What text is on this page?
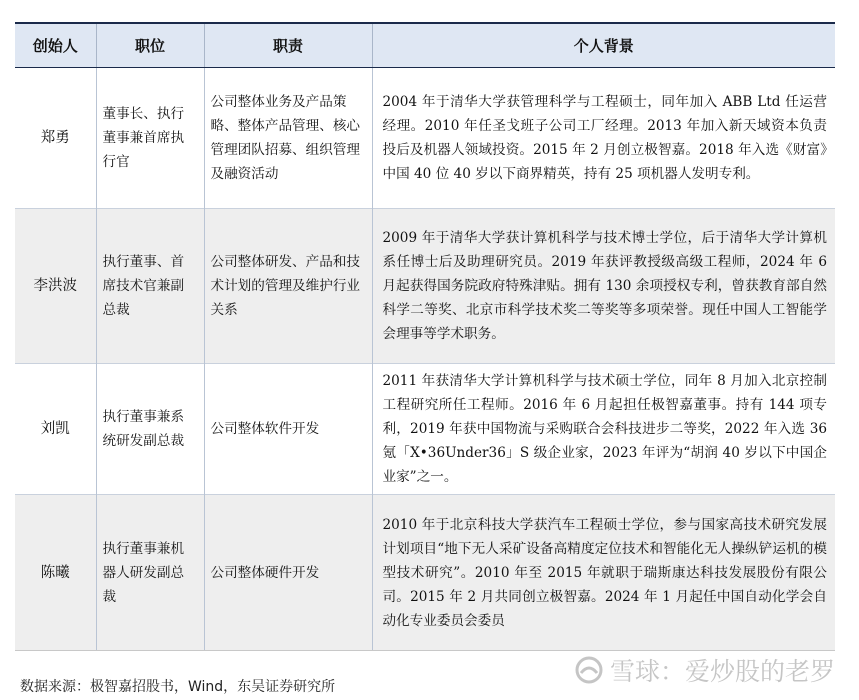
创始人	职位	职责	个人背景
郑勇	董事长、执行董事兼首席执行官	公司整体业务及产品策略、整体产品管理、核心管理团队招募、组织管理及融资活动	2004 年于清华大学获管理科学与工程硕士，同年加入 ABB Ltd 任运营经理。2010 年任圣戈班子公司工厂经理。2013 年加入新天域资本负责投后及机器人领域投资。2015 年 2 月创立极智嘉。2018 年入选《财富》中国 40 位 40 岁以下商界精英，持有 25 项机器人发明专利。
李洪波	执行董事、首席技术官兼副总裁	公司整体研发、产品和技术计划的管理及维护行业关系	2009 年于清华大学获计算机科学与技术博士学位，后于清华大学计算机系任博士后及助理研究员。2019 年获评教授级高级工程师，2024 年 6 月起获得国务院政府特殊津贴。拥有 130 余项授权专利，曾获教育部自然科学二等奖、北京市科学技术奖二等奖等多项荣誉。现任中国人工智能学会理事等学术职务。
刘凯	执行董事兼系统研发副总裁	公司整体软件开发	2011 年获清华大学计算机科学与技术硕士学位，同年 8 月加入北京控制工程研究所任工程师。2016 年 6 月起担任极智嘉董事。持有 144 项专利，2019 年获中国物流与采购联合会科技进步二等奖，2022 年入选 36 氪「X•36Under36」S 级企业家，2023 年评为“胡润 40 岁以下中国企业家”之一。
陈曦	执行董事兼机器人研发副总裁	公司整体硬件开发	2010 年于北京科技大学获汽车工程硕士学位，参与国家高技术研究发展计划项目“地下无人采矿设备高精度定位技术和智能化无人操纵铲运机的模型技术研究”。2010 年至 2015 年就职于瑞斯康达科技发展股份有限公司。2015 年 2 月共同创立极智嘉。2024 年 1 月起任中国自动化学会自动化专业委员会委员
数据来源：极智嘉招股书，Wind，东吴证券研究所
雪球：爱炒股的老罗
